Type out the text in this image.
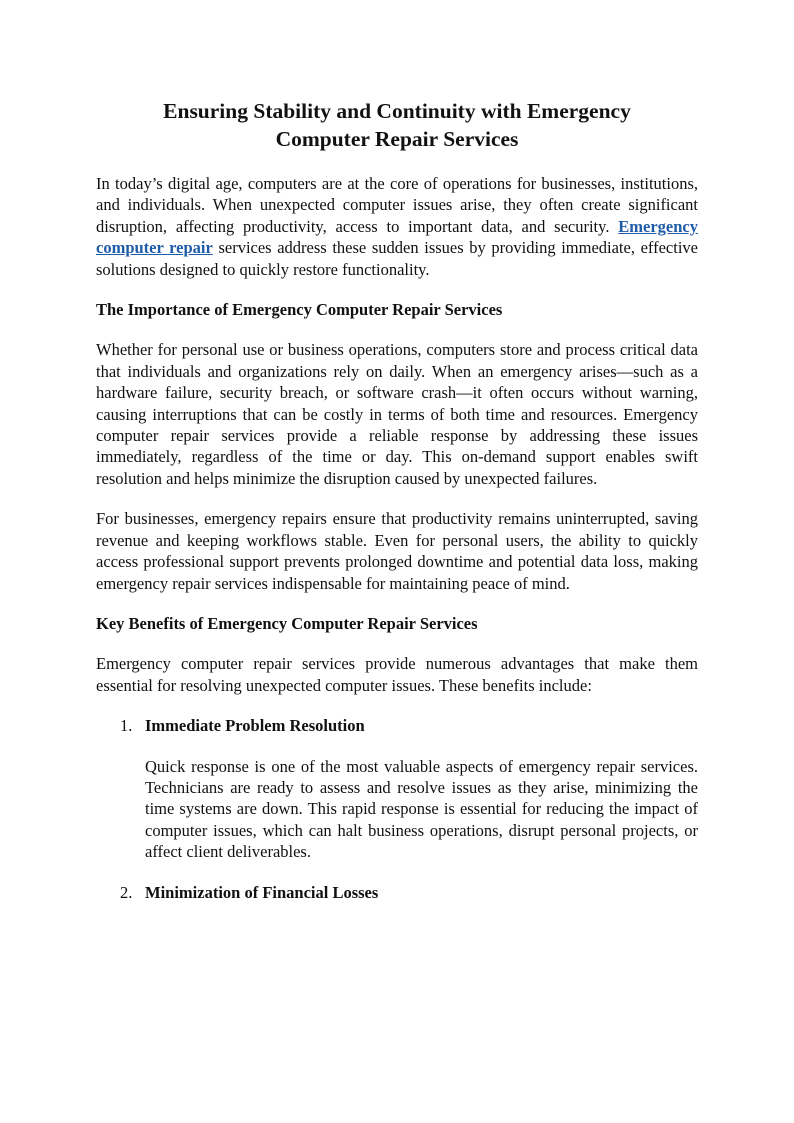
Ensuring Stability and Continuity with Emergency
Computer Repair Services

In today’s digital age, computers are at the core of operations for businesses, institutions, and individuals. When unexpected computer issues arise, they often create significant disruption, affecting productivity, access to important data, and security. Emergency computer repair services address these sudden issues by providing immediate, effective solutions designed to quickly restore functionality.

The Importance of Emergency Computer Repair Services

Whether for personal use or business operations, computers store and process critical data that individuals and organizations rely on daily. When an emergency arises—such as a hardware failure, security breach, or software crash—it often occurs without warning, causing interruptions that can be costly in terms of both time and resources. Emergency computer repair services provide a reliable response by addressing these issues immediately, regardless of the time or day. This on-demand support enables swift resolution and helps minimize the disruption caused by unexpected failures.

For businesses, emergency repairs ensure that productivity remains uninterrupted, saving revenue and keeping workflows stable. Even for personal users, the ability to quickly access professional support prevents prolonged downtime and potential data loss, making emergency repair services indispensable for maintaining peace of mind.

Key Benefits of Emergency Computer Repair Services

Emergency computer repair services provide numerous advantages that make them essential for resolving unexpected computer issues. These benefits include:

1. Immediate Problem Resolution

Quick response is one of the most valuable aspects of emergency repair services. Technicians are ready to assess and resolve issues as they arise, minimizing the time systems are down. This rapid response is essential for reducing the impact of computer issues, which can halt business operations, disrupt personal projects, or affect client deliverables.

2. Minimization of Financial Losses
